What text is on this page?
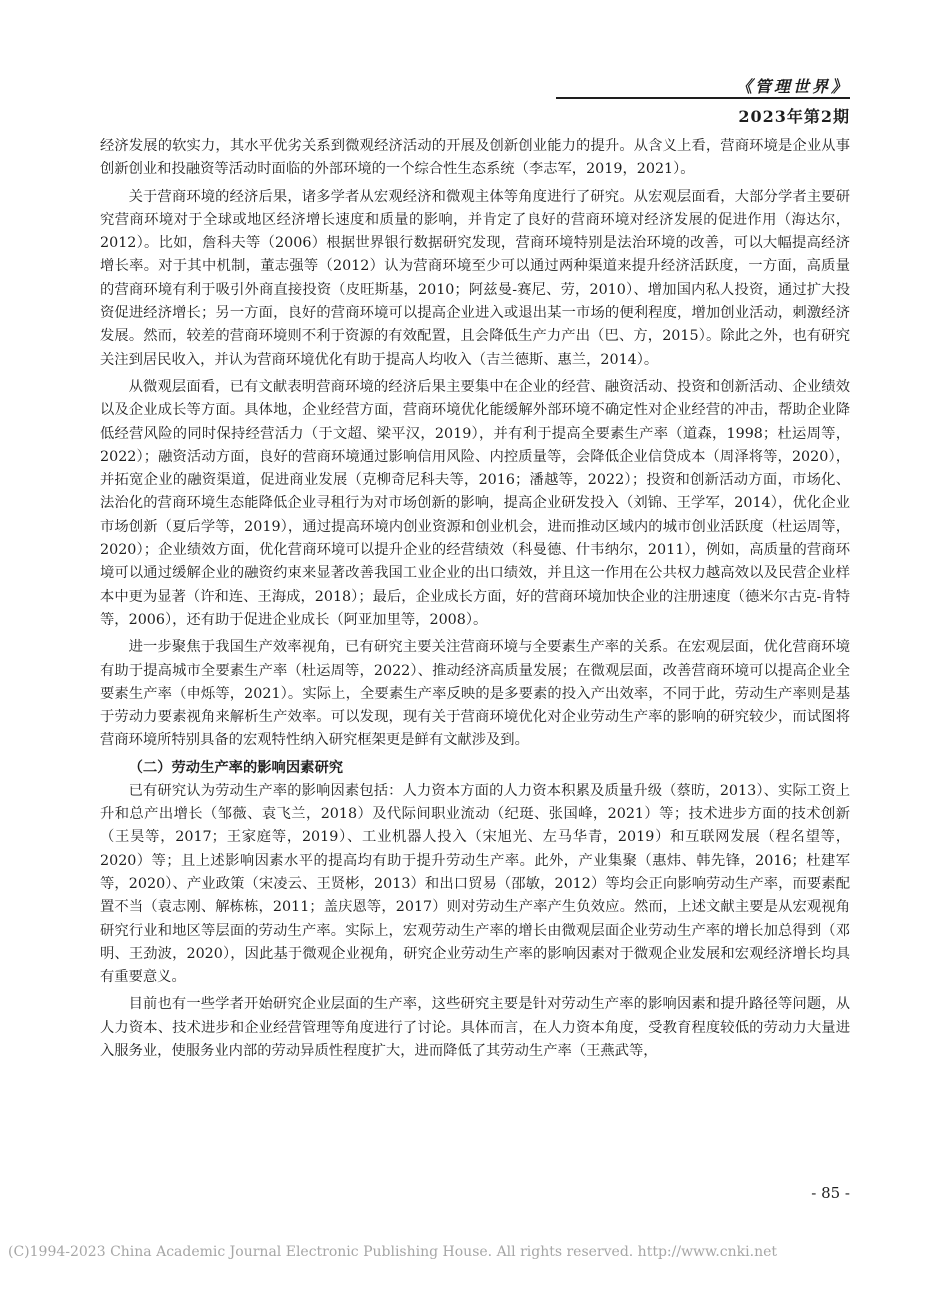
《管理世界》
2023年第2期

经济发展的软实力，其水平优劣关系到微观经济活动的开展及创新创业能力的提升。从含义上看，营商环境是企业从事创新创业和投融资等活动时面临的外部环境的一个综合性生态系统（李志军，2019，2021）。

关于营商环境的经济后果，诸多学者从宏观经济和微观主体等角度进行了研究。从宏观层面看，大部分学者主要研究营商环境对于全球或地区经济增长速度和质量的影响，并肯定了良好的营商环境对经济发展的促进作用（海达尔，2012）。比如，詹科夫等（2006）根据世界银行数据研究发现，营商环境特别是法治环境的改善，可以大幅提高经济增长率。对于其中机制，董志强等（2012）认为营商环境至少可以通过两种渠道来提升经济活跃度，一方面，高质量的营商环境有利于吸引外商直接投资（皮旺斯基，2010；阿兹曼-赛尼、劳，2010）、增加国内私人投资，通过扩大投资促进经济增长；另一方面，良好的营商环境可以提高企业进入或退出某一市场的便利程度，增加创业活动，刺激经济发展。然而，较差的营商环境则不利于资源的有效配置，且会降低生产力产出（巴、方，2015）。除此之外，也有研究关注到居民收入，并认为营商环境优化有助于提高人均收入（吉兰德斯、惠兰，2014）。

从微观层面看，已有文献表明营商环境的经济后果主要集中在企业的经营、融资活动、投资和创新活动、企业绩效以及企业成长等方面。具体地，企业经营方面，营商环境优化能缓解外部环境不确定性对企业经营的冲击，帮助企业降低经营风险的同时保持经营活力（于文超、梁平汉，2019），并有利于提高全要素生产率（道森，1998；杜运周等，2022）；融资活动方面，良好的营商环境通过影响信用风险、内控质量等，会降低企业信贷成本（周泽将等，2020），并拓宽企业的融资渠道，促进商业发展（克柳奇尼科夫等，2016；潘越等，2022）；投资和创新活动方面，市场化、法治化的营商环境生态能降低企业寻租行为对市场创新的影响，提高企业研发投入（刘锦、王学军，2014），优化企业市场创新（夏后学等，2019），通过提高环境内创业资源和创业机会，进而推动区域内的城市创业活跃度（杜运周等，2020）；企业绩效方面，优化营商环境可以提升企业的经营绩效（科曼德、什韦纳尔，2011），例如，高质量的营商环境可以通过缓解企业的融资约束来显著改善我国工业企业的出口绩效，并且这一作用在公共权力越高效以及民营企业样本中更为显著（许和连、王海成，2018）；最后，企业成长方面，好的营商环境加快企业的注册速度（德米尔古克-肯特等，2006），还有助于促进企业成长（阿亚加里等，2008）。

进一步聚焦于我国生产效率视角，已有研究主要关注营商环境与全要素生产率的关系。在宏观层面，优化营商环境有助于提高城市全要素生产率（杜运周等，2022）、推动经济高质量发展；在微观层面，改善营商环境可以提高企业全要素生产率（申烁等，2021）。实际上，全要素生产率反映的是多要素的投入产出效率，不同于此，劳动生产率则是基于劳动力要素视角来解析生产效率。可以发现，现有关于营商环境优化对企业劳动生产率的影响的研究较少，而试图将营商环境所特别具备的宏观特性纳入研究框架更是鲜有文献涉及到。

（二）劳动生产率的影响因素研究

已有研究认为劳动生产率的影响因素包括：人力资本方面的人力资本积累及质量升级（蔡昉，2013）、实际工资上升和总产出增长（邹薇、袁飞兰，2018）及代际间职业流动（纪珽、张国峰，2021）等；技术进步方面的技术创新（王昊等，2017；王家庭等，2019）、工业机器人投入（宋旭光、左马华青，2019）和互联网发展（程名望等，2020）等；且上述影响因素水平的提高均有助于提升劳动生产率。此外，产业集聚（惠炜、韩先锋，2016；杜建军等，2020）、产业政策（宋凌云、王贤彬，2013）和出口贸易（邵敏，2012）等均会正向影响劳动生产率，而要素配置不当（袁志刚、解栋栋，2011；盖庆恩等，2017）则对劳动生产率产生负效应。然而，上述文献主要是从宏观视角研究行业和地区等层面的劳动生产率。实际上，宏观劳动生产率的增长由微观层面企业劳动生产率的增长加总得到（邓明、王劲波，2020），因此基于微观企业视角，研究企业劳动生产率的影响因素对于微观企业发展和宏观经济增长均具有重要意义。

目前也有一些学者开始研究企业层面的生产率，这些研究主要是针对劳动生产率的影响因素和提升路径等问题，从人力资本、技术进步和企业经营管理等角度进行了讨论。具体而言，在人力资本角度，受教育程度较低的劳动力大量进入服务业，使服务业内部的劳动异质性程度扩大，进而降低了其劳动生产率（王燕武等，

- 85 -
(C)1994-2023 China Academic Journal Electronic Publishing House. All rights reserved. http://www.cnki.net
